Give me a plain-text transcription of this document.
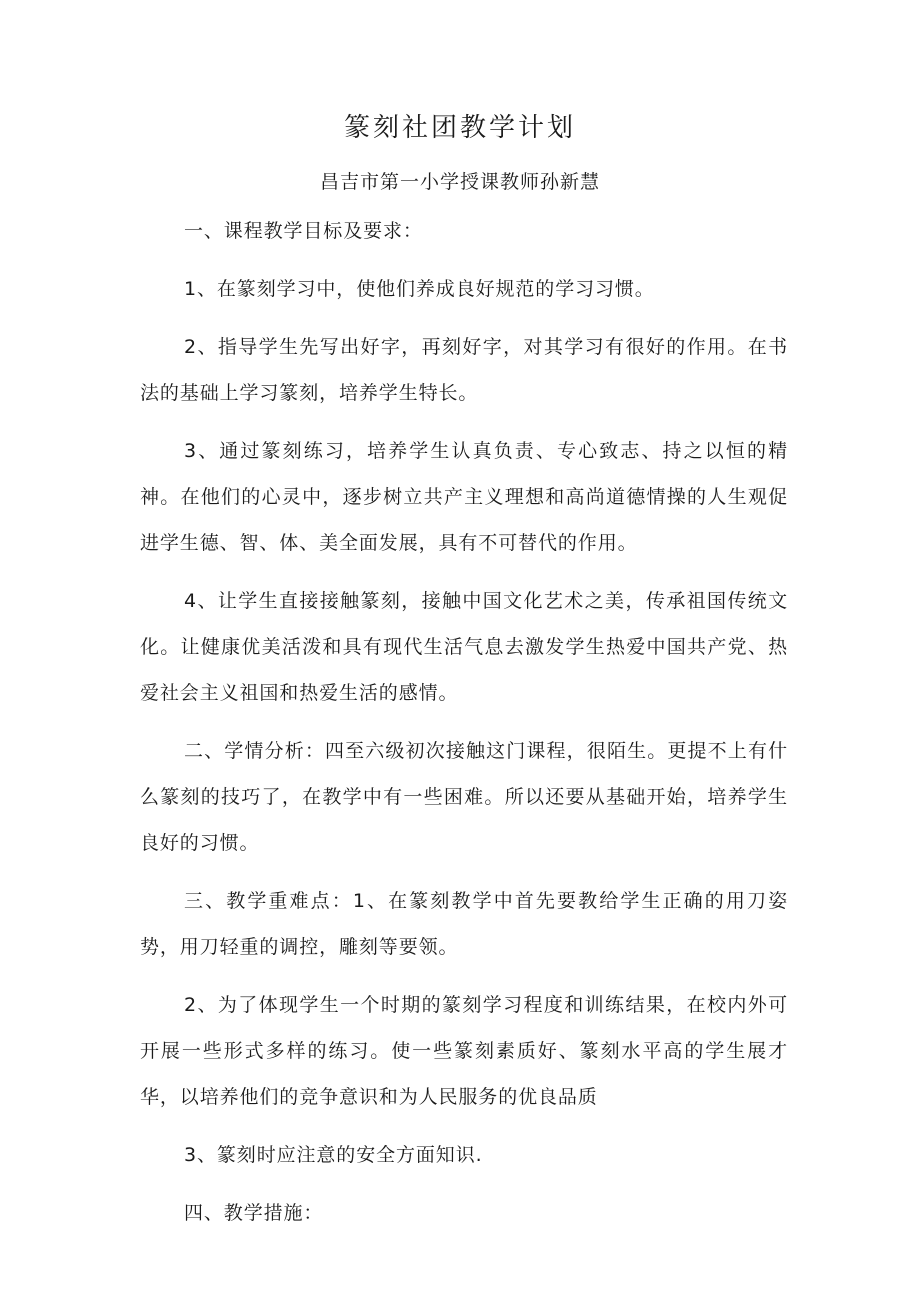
篆刻社团教学计划
昌吉市第一小学授课教师孙新慧

一、课程教学目标及要求：

1、在篆刻学习中，使他们养成良好规范的学习习惯。

2、指导学生先写出好字，再刻好字，对其学习有很好的作用。在书法的基础上学习篆刻，培养学生特长。

3、通过篆刻练习，培养学生认真负责、专心致志、持之以恒的精神。在他们的心灵中，逐步树立共产主义理想和高尚道德情操的人生观促进学生德、智、体、美全面发展，具有不可替代的作用。

4、让学生直接接触篆刻，接触中国文化艺术之美，传承祖国传统文化。让健康优美活泼和具有现代生活气息去激发学生热爱中国共产党、热爱社会主义祖国和热爱生活的感情。

二、学情分析：四至六级初次接触这门课程，很陌生。更提不上有什么篆刻的技巧了，在教学中有一些困难。所以还要从基础开始，培养学生良好的习惯。

三、教学重难点：1、在篆刻教学中首先要教给学生正确的用刀姿势，用刀轻重的调控，雕刻等要领。

2、为了体现学生一个时期的篆刻学习程度和训练结果，在校内外可开展一些形式多样的练习。使一些篆刻素质好、篆刻水平高的学生展才华，以培养他们的竞争意识和为人民服务的优良品质

3、篆刻时应注意的安全方面知识.

四、教学措施：
